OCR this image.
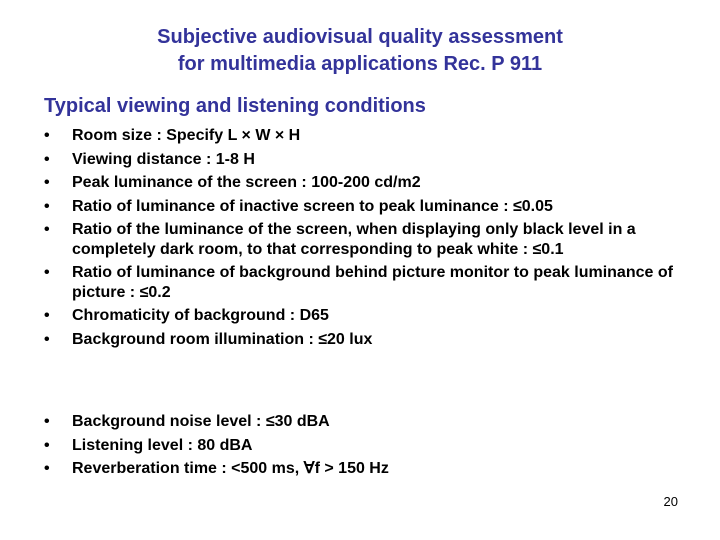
Subjective audiovisual quality assessment
for multimedia applications Rec. P 911
Typical viewing and listening conditions
• Room size : Specify L × W × H
• Viewing distance : 1-8 H
• Peak luminance of the screen : 100-200 cd/m2
• Ratio of luminance of inactive screen to peak luminance : ≤0.05
• Ratio of the luminance of the screen, when displaying only black level in a completely dark room, to that corresponding to peak white : ≤0.1
• Ratio of luminance of background behind picture monitor to peak luminance of picture : ≤0.2
• Chromaticity of background : D65
• Background room illumination : ≤20 lux
• Background noise level : ≤30 dBA
• Listening level : 80 dBA
• Reverberation time : <500 ms, ∀f > 150 Hz
20
